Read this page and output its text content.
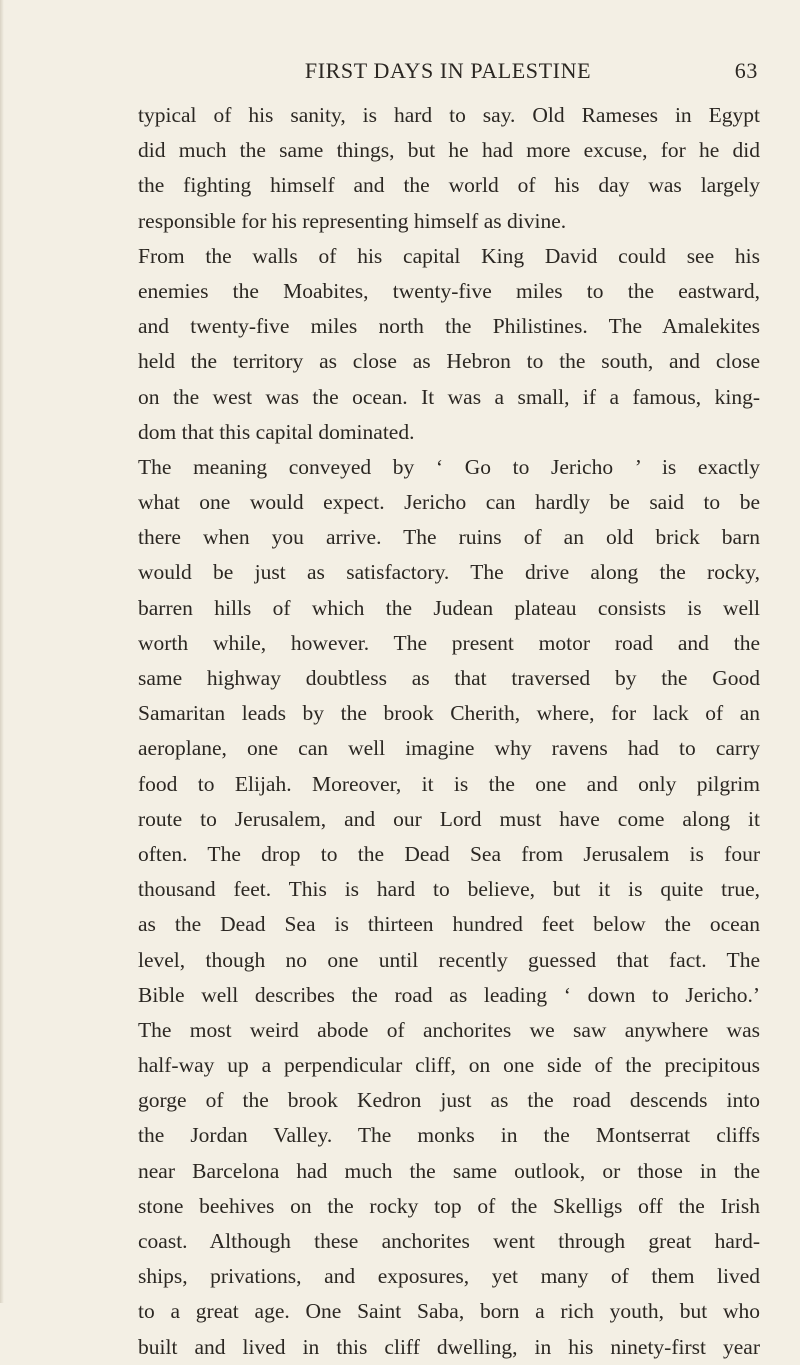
FIRST DAYS IN PALESTINE	63
typical of his sanity, is hard to say. Old Rameses in Egypt
did much the same things, but he had more excuse, for he did
the fighting himself and the world of his day was largely
responsible for his representing himself as divine.
From the walls of his capital King David could see his
enemies the Moabites, twenty-five miles to the eastward,
and twenty-five miles north the Philistines. The Amalekites
held the territory as close as Hebron to the south, and close
on the west was the ocean. It was a small, if a famous, king-
dom that this capital dominated.
The meaning conveyed by ‘ Go to Jericho ’ is exactly
what one would expect. Jericho can hardly be said to be
there when you arrive. The ruins of an old brick barn
would be just as satisfactory. The drive along the rocky,
barren hills of which the Judean plateau consists is well
worth while, however. The present motor road and the
same highway doubtless as that traversed by the Good
Samaritan leads by the brook Cherith, where, for lack of an
aeroplane, one can well imagine why ravens had to carry
food to Elijah. Moreover, it is the one and only pilgrim
route to Jerusalem, and our Lord must have come along it
often. The drop to the Dead Sea from Jerusalem is four
thousand feet. This is hard to believe, but it is quite true,
as the Dead Sea is thirteen hundred feet below the ocean
level, though no one until recently guessed that fact. The
Bible well describes the road as leading ‘ down to Jericho.’
The most weird abode of anchorites we saw anywhere was
half-way up a perpendicular cliff, on one side of the precipitous
gorge of the brook Kedron just as the road descends into
the Jordan Valley. The monks in the Montserrat cliffs
near Barcelona had much the same outlook, or those in the
stone beehives on the rocky top of the Skelligs off the Irish
coast. Although these anchorites went through great hard-
ships, privations, and exposures, yet many of them lived
to a great age. One Saint Saba, born a rich youth, but who
built and lived in this cliff dwelling, in his ninety-first year
